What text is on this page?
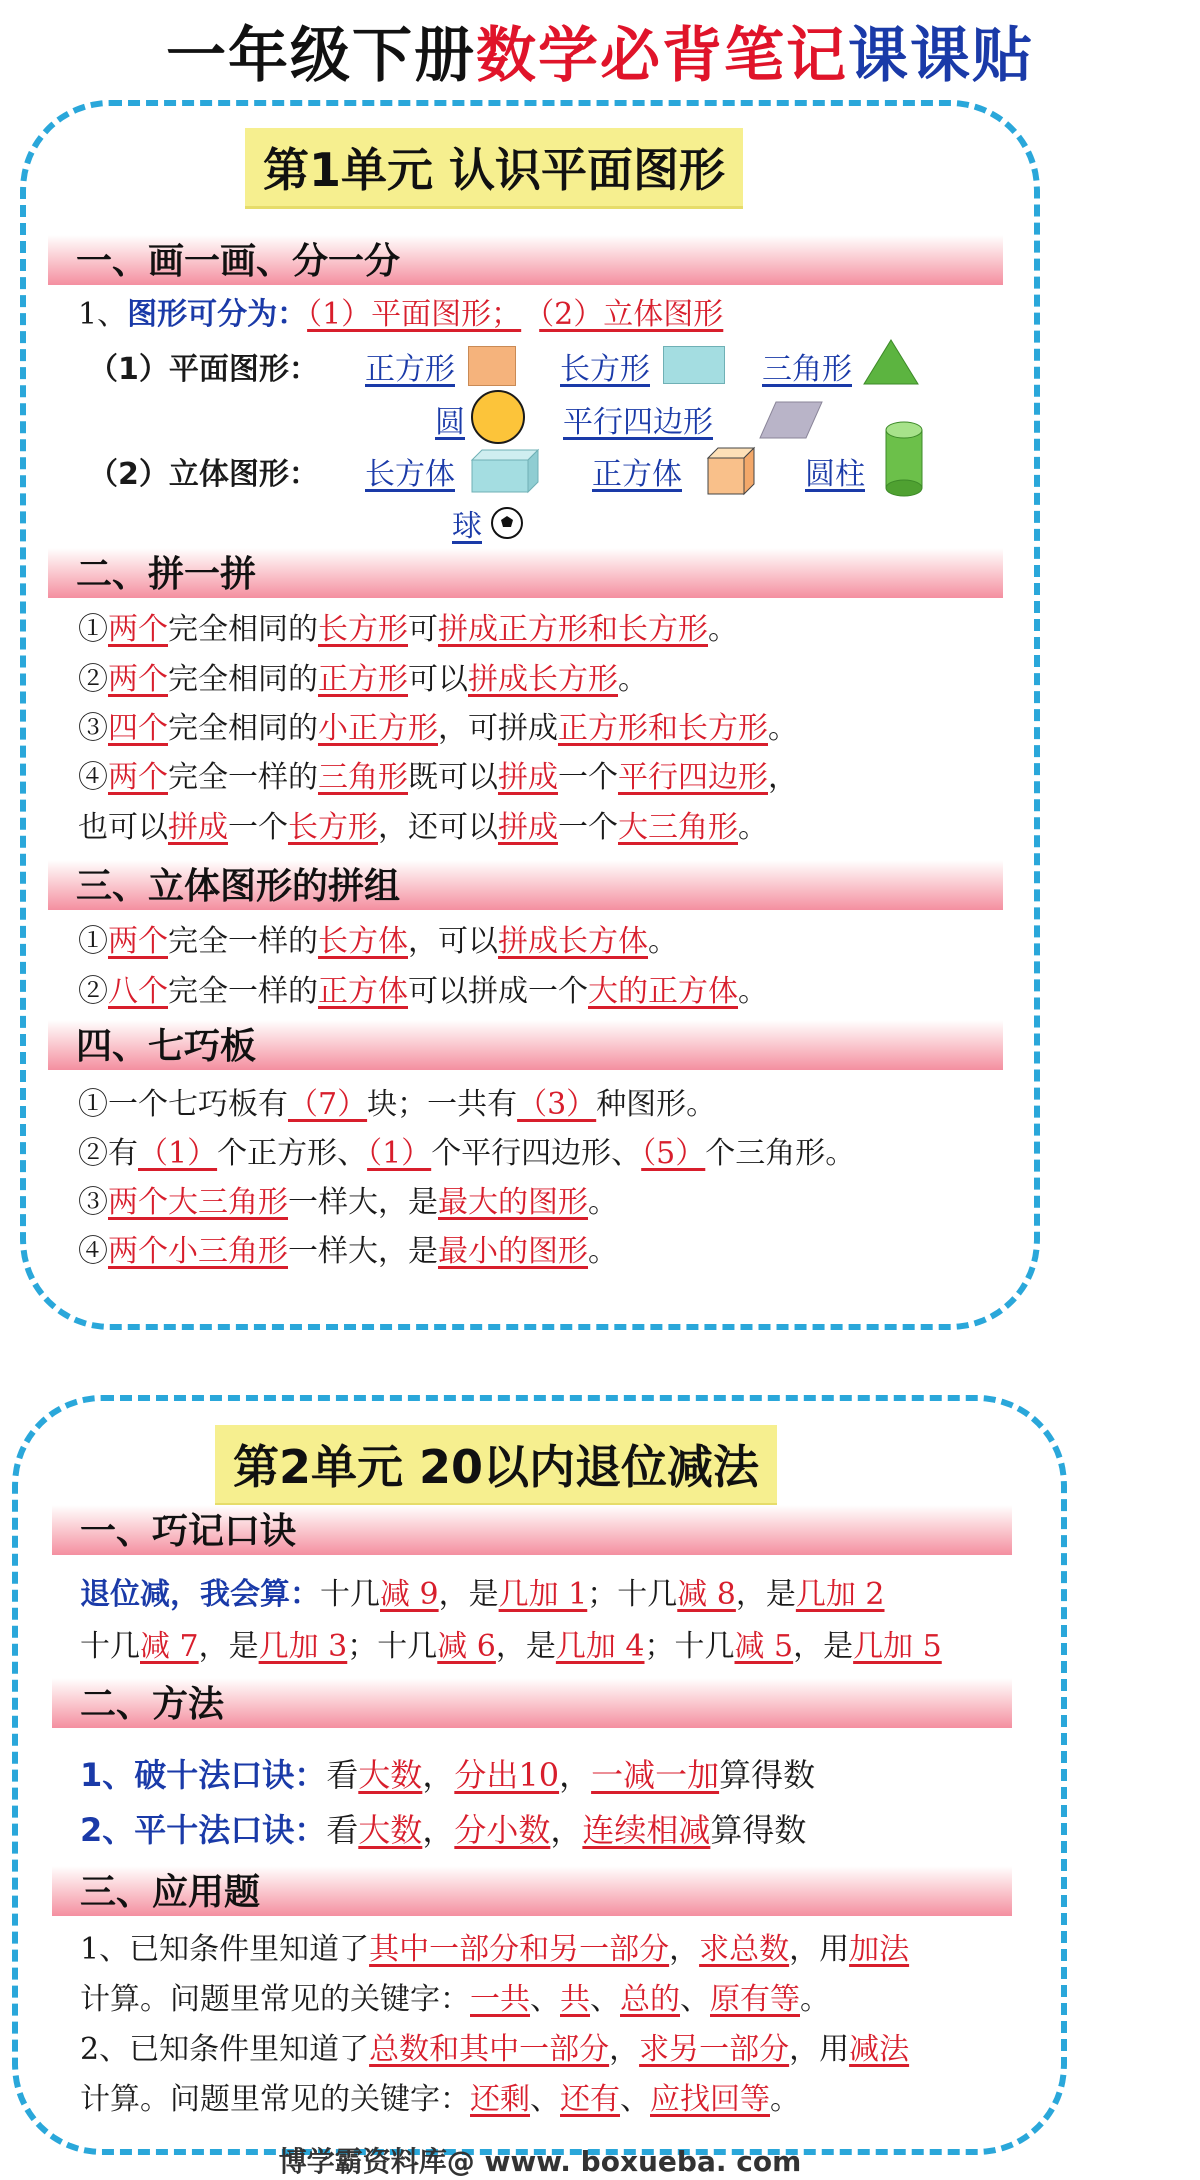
一年级下册数学必背笔记课课贴
第1单元 认识平面图形
一、画一画、分一分
1、图形可分为：（1）平面图形； （2）立体图形
（1）平面图形： 正方形	长方形	三角形
圆	平行四边形
（2）立体图形： 长方体	正方体	圆柱
球
二、拼一拼
①两个完全相同的长方形可拼成正方形和长方形。
②两个完全相同的正方形可以拼成长方形。
③四个完全相同的小正方形，可拼成正方形和长方形。
④两个完全一样的三角形既可以拼成一个平行四边形，
也可以拼成一个长方形，还可以拼成一个大三角形。
三、立体图形的拼组
①两个完全一样的长方体，可以拼成长方体。
②八个完全一样的正方体可以拼成一个大的正方体。
四、七巧板
①一个七巧板有（7）块；一共有（3）种图形。
②有（1）个正方形、（1）个平行四边形、（5）个三角形。
③两个大三角形一样大，是最大的图形。
④两个小三角形一样大，是最小的图形。
第2单元 20以内退位减法
一、巧记口诀
退位减，我会算：十几减 9，是几加 1；十几减 8，是几加 2
十几减 7，是几加 3；十几减 6，是几加 4；十几减 5，是几加 5
二、方法
1、破十法口诀：看大数，分出10，一减一加算得数
2、平十法口诀：看大数，分小数，连续相减算得数
三、应用题
1、已知条件里知道了其中一部分和另一部分，求总数，用加法
计算。问题里常见的关键字：一共、共、总的、原有等。
2、已知条件里知道了总数和其中一部分，求另一部分，用减法
计算。问题里常见的关键字：还剩、还有、应找回等。
博学霸资料库@ www. boxueba. com
